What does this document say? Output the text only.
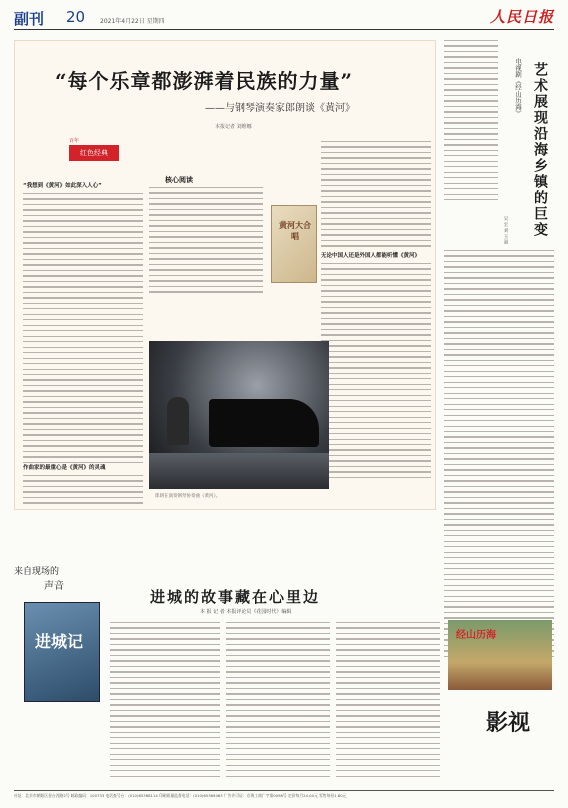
副刊 20 2021年4月22日 星期四	人民日报
“每个乐章都澎湃着民族的力量”
——与钢琴演奏家郎朗谈《黄河》
本报记者 刘维娜
百年
红色经典
核心阅读
“我想到《黄河》如此深入人心”
黄河大合唱
无论中国人还是外国人都能听懂《黄河》
郎朗在演奏钢琴协奏曲《黄河》。
作曲家的最重心是《黄河》的灵魂
艺术展现沿海乡镇的巨变
电视剧《经山历海》
吴 宏 刘 玉 淑
来自现场的
声音
进城的故事藏在心里边
本 报 记 者 本报评论员《花园时代》编辑
进城记	经山历海
影视
社址：北京市朝阳区金台西路2号 邮政编码：100733 电话查号台：(010)65368114 印刷质量监督电话：(010)65369463 广告许可证：京海工商广字第0098号 定价每月24.00元 零售每份1.80元
